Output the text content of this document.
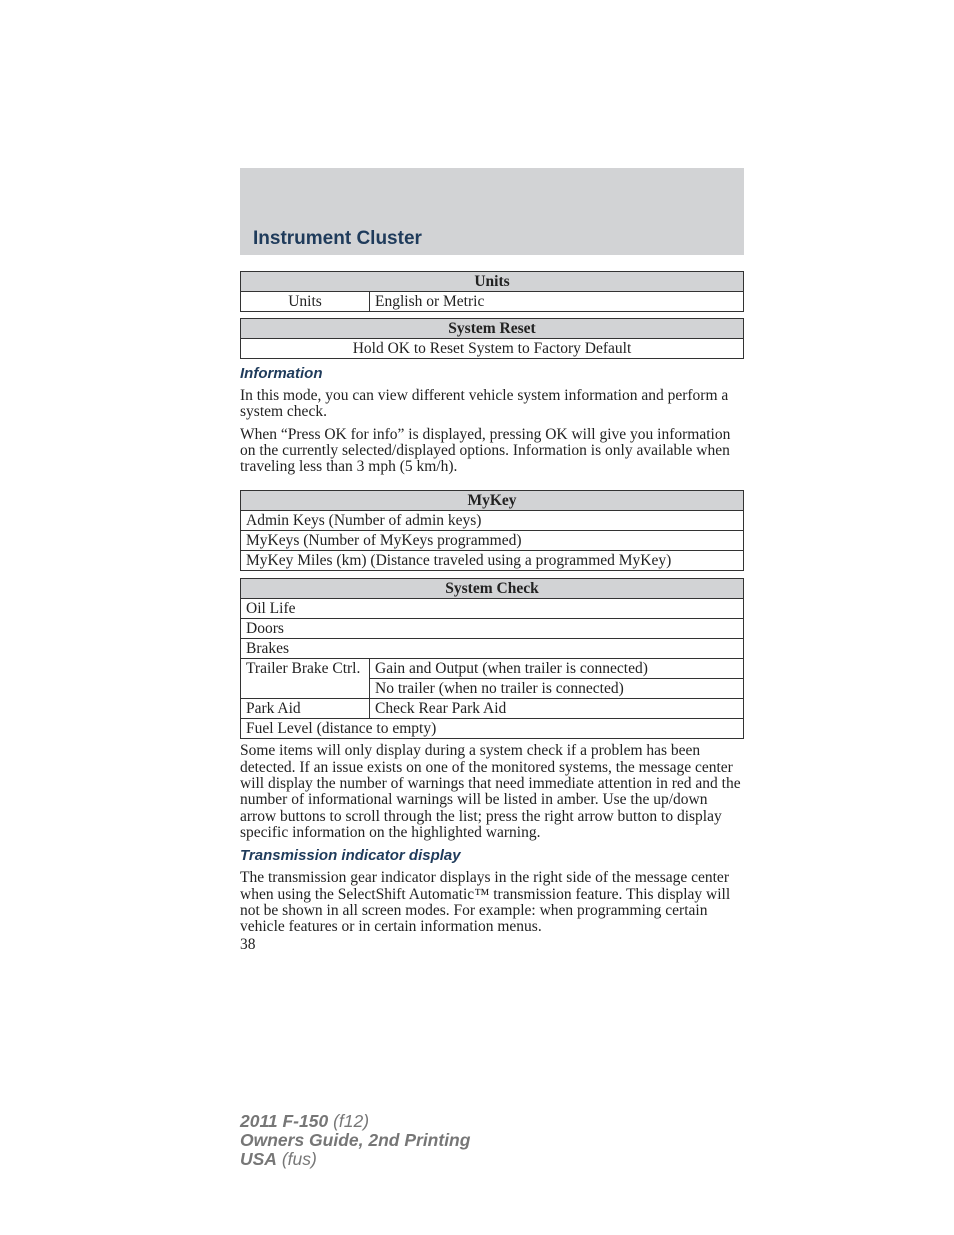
Instrument Cluster
Units
Units	English or Metric
System Reset
Hold OK to Reset System to Factory Default
Information

In this mode, you can view different vehicle system information and perform a system check.

When “Press OK for info” is displayed, pressing OK will give you information on the currently selected/displayed options. Information is only available when traveling less than 3 mph (5 km/h).

MyKey
Admin Keys (Number of admin keys)
MyKeys (Number of MyKeys programmed)
MyKey Miles (km) (Distance traveled using a programmed MyKey)
System Check	
Oil Life	
Doors	
Brakes	
Trailer Brake Ctrl.	Gain and Output (when trailer is connected)
	No trailer (when no trailer is connected)
Park Aid	Check Rear Park Aid
Fuel Level (distance to empty)	

Some items will only display during a system check if a problem has been detected. If an issue exists on one of the monitored systems, the message center will display the number of warnings that need immediate attention in red and the number of informational warnings will be listed in amber. Use the up/down arrow buttons to scroll through the list; press the right arrow button to display specific information on the highlighted warning.

Transmission indicator display

The transmission gear indicator displays in the right side of the message center when using the SelectShift Automatic™ transmission feature. This display will not be shown in all screen modes. For example: when programming certain vehicle features or in certain information menus.

38
2011 F-150 (f12)
Owners Guide, 2nd Printing
USA (fus)
